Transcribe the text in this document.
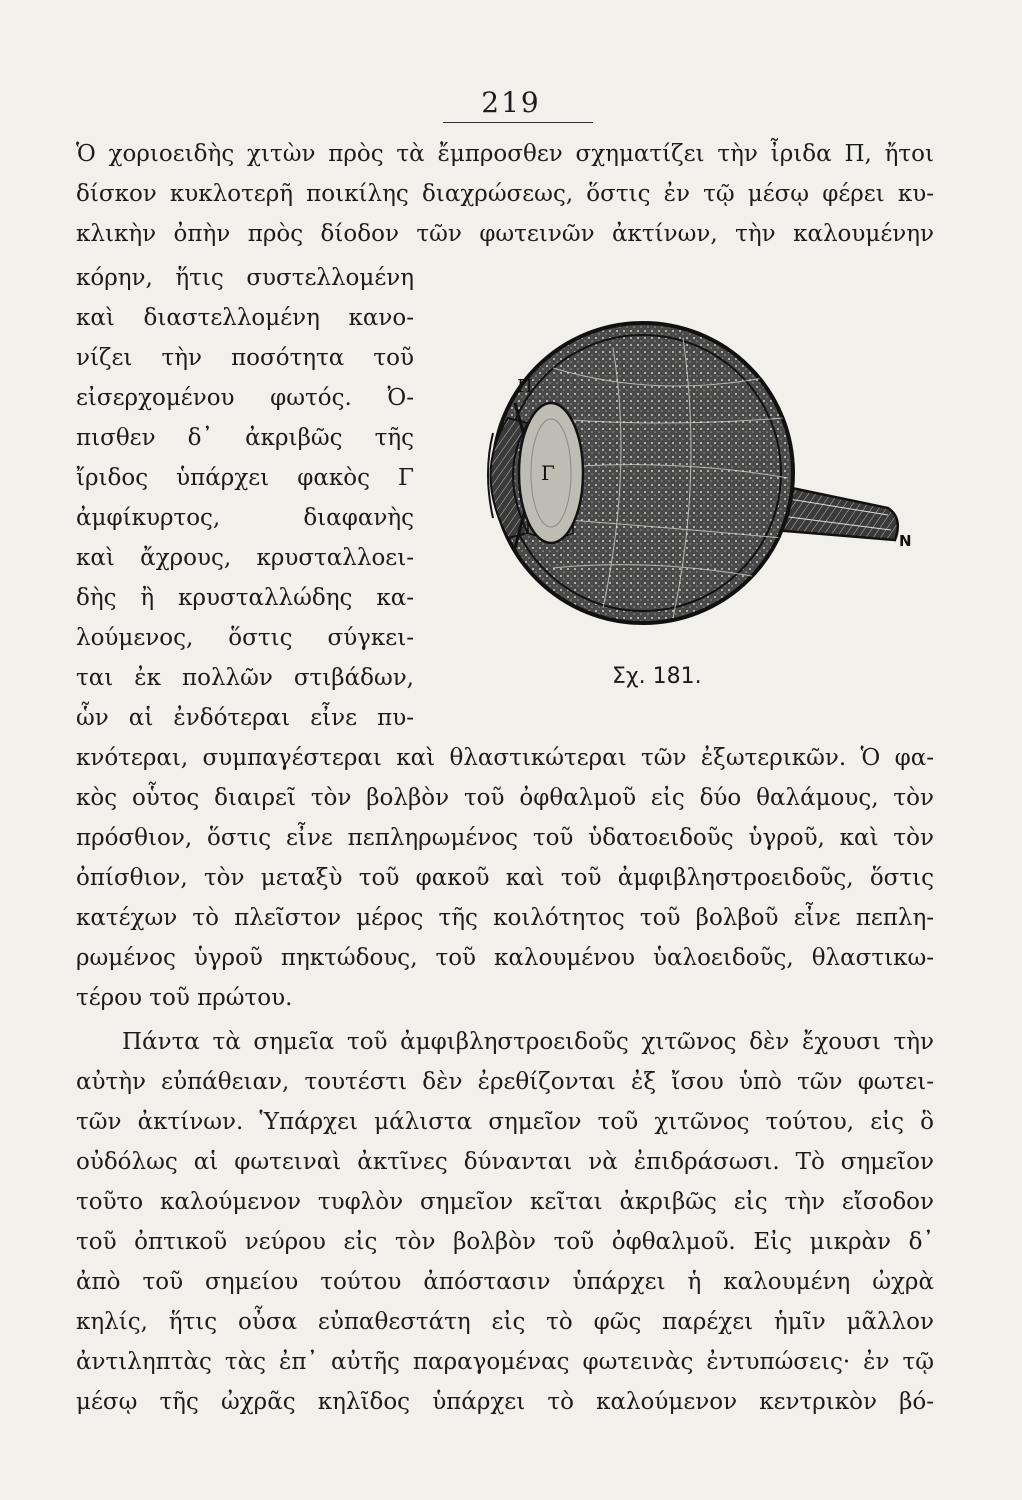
219
Ὁ χοριοειδὴς χιτὼν πρὸς τὰ ἔμπροσθεν σχηματίζει τὴν ἶριδα Π, ἤτοι
δίσκον κυκλοτερῆ ποικίλης διαχρώσεως, ὅστις ἐν τῷ μέσῳ φέρει κυ-
κλικὴν ὀπὴν πρὸς δίοδον τῶν φωτεινῶν ἀκτίνων, τὴν καλουμένην
κόρην, ἥτις συστελλομένη
καὶ διαστελλομένη κανο-
νίζει τὴν ποσότητα τοῦ
εἰσερχομένου φωτός. Ὀ-
πισθεν δ᾽ ἀκριβῶς τῆς
ἴριδος ὑπάρχει φακὸς Γ
ἀμφίκυρτος, διαφανὴς
καὶ ἄχρους, κρυσταλλοει-
δὴς ἢ κρυσταλλώδης κα-
λούμενος, ὅστις σύγκει-
ται ἐκ πολλῶν στιβάδων,
ὧν αἱ ἐνδότεραι εἶνε πυ-
κνότεραι, συμπαγέστεραι καὶ θλαστικώτεραι τῶν ἐξωτερικῶν. Ὁ φα-
κὸς οὗτος διαιρεῖ τὸν βολβὸν τοῦ ὀφθαλμοῦ εἰς δύο θαλάμους, τὸν
πρόσθιον, ὅστις εἶνε πεπληρωμένος τοῦ ὑδατοειδοῦς ὑγροῦ, καὶ τὸν
ὀπίσθιον, τὸν μεταξὺ τοῦ φακοῦ καὶ τοῦ ἀμφιβληστροειδοῦς, ὅστις
κατέχων τὸ πλεῖστον μέρος τῆς κοιλότητος τοῦ βολβοῦ εἶνε πεπλη-
ρωμένος ὑγροῦ πηκτώδους, τοῦ καλουμένου ὑαλοειδοῦς, θλαστικω-
τέρου τοῦ πρώτου.
Πάντα τὰ σημεῖα τοῦ ἀμφιβληστροειδοῦς χιτῶνος δὲν ἔχουσι τὴν
αὐτὴν εὐπάθειαν, τουτέστι δὲν ἐρεθίζονται ἐξ ἴσου ὑπὸ τῶν φωτει-
τῶν ἀκτίνων. Ὑπάρχει μάλιστα σημεῖον τοῦ χιτῶνος τούτου, εἰς ὃ
οὐδόλως αἱ φωτειναὶ ἀκτῖνες δύνανται νὰ ἐπιδράσωσι. Τὸ σημεῖον
τοῦτο καλούμενον τυφλὸν σημεῖον κεῖται ἀκριβῶς εἰς τὴν εἴσοδον
τοῦ ὀπτικοῦ νεύρου εἰς τὸν βολβὸν τοῦ ὀφθαλμοῦ. Εἰς μικρὰν δ᾽
ἀπὸ τοῦ σημείου τούτου ἀπόστασιν ὑπάρχει ἡ καλουμένη ὠχρὰ
κηλίς, ἥτις οὖσα εὐπαθεστάτη εἰς τὸ φῶς παρέχει ἡμῖν μᾶλλον
ἀντιληπτὰς τὰς ἐπ᾽ αὐτῆς παραγομένας φωτεινὰς ἐντυπώσεις· ἐν τῷ
μέσῳ τῆς ὠχρᾶς κηλῖδος ὑπάρχει τὸ καλούμενον κεντρικὸν βό-
Π
Γ
N
Σχ. 181.
